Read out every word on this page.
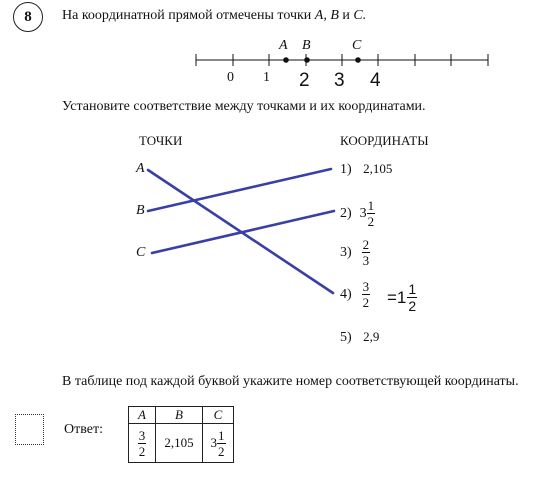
8	На координатной прямой отмечены точки A, B и C.
A B	C
0 1 2 3 4
Установите соответствие между точками и их координатами.
ТОЧКИ	КООРДИНАТЫ
A
B
C
1) 2,105
2) $3 \frac{1}{2}$
$3) \frac{2}{3}$
$4) \frac{3}{2} =1 \frac{1}{2}$
5) 2,9
В таблице под каждой буквой укажите номер соответствующей координаты.
Ответ:
A	B	C

$\frac{3}{2}$	2,105	$3 \frac{1}{2}$
